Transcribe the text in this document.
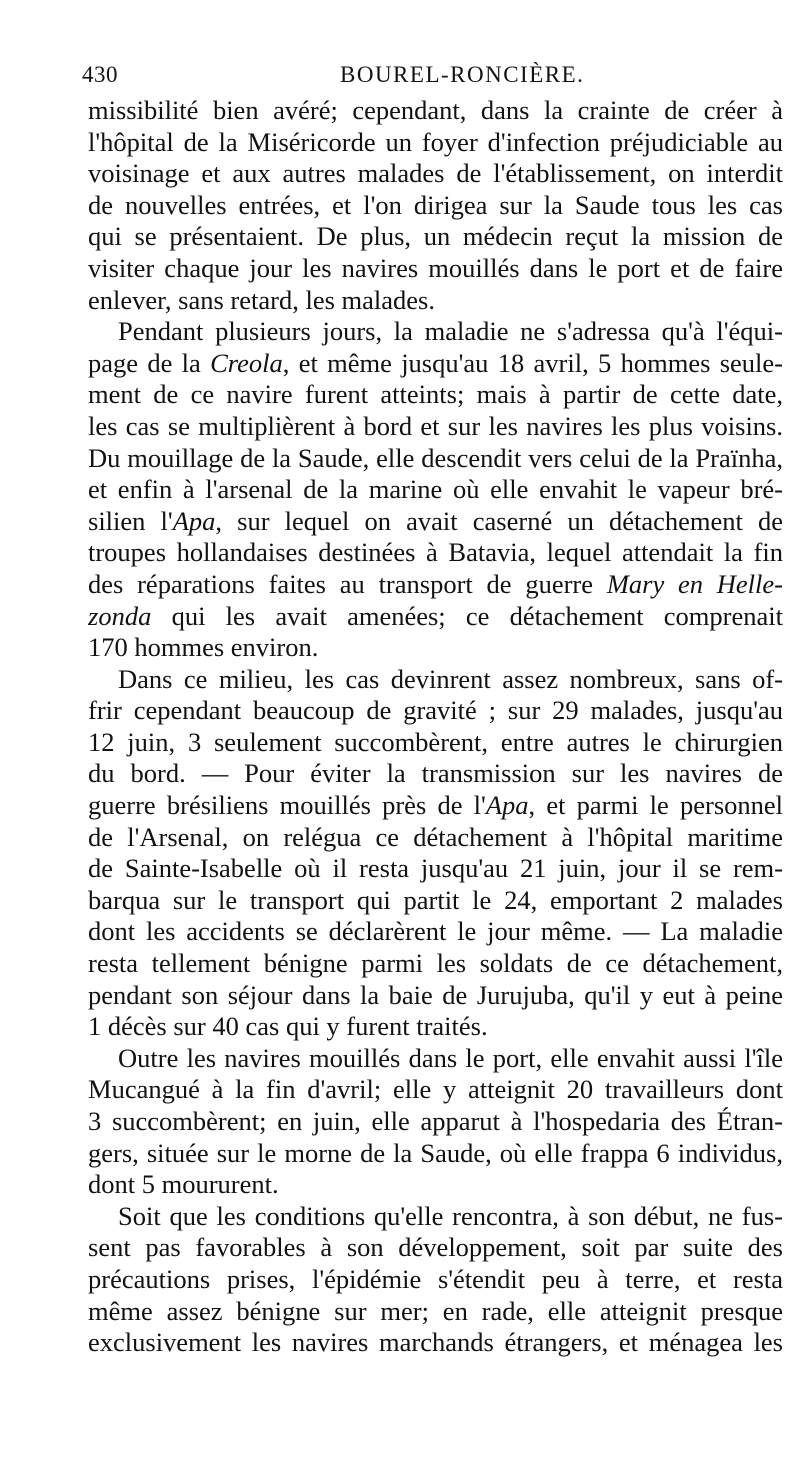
430	BOUREL-RONCIÈRE.
missibilité bien avéré; cependant, dans la crainte de créer à
l'hôpital de la Miséricorde un foyer d'infection préjudiciable au
voisinage et aux autres malades de l'établissement, on interdit
de nouvelles entrées, et l'on dirigea sur la Saude tous les cas
qui se présentaient. De plus, un médecin reçut la mission de
visiter chaque jour les navires mouillés dans le port et de faire
enlever, sans retard, les malades.
Pendant plusieurs jours, la maladie ne s'adressa qu'à l'équi-
page de la Creola, et même jusqu'au 18 avril, 5 hommes seule-
ment de ce navire furent atteints; mais à partir de cette date,
les cas se multiplièrent à bord et sur les navires les plus voisins.
Du mouillage de la Saude, elle descendit vers celui de la Praïnha,
et enfin à l'arsenal de la marine où elle envahit le vapeur bré-
silien l'Apa, sur lequel on avait caserné un détachement de
troupes hollandaises destinées à Batavia, lequel attendait la fin
des réparations faites au transport de guerre Mary en Helle-
zonda qui les avait amenées; ce détachement comprenait
170 hommes environ.
Dans ce milieu, les cas devinrent assez nombreux, sans of-
frir cependant beaucoup de gravité ; sur 29 malades, jusqu'au
12 juin, 3 seulement succombèrent, entre autres le chirurgien
du bord. — Pour éviter la transmission sur les navires de
guerre brésiliens mouillés près de l'Apa, et parmi le personnel
de l'Arsenal, on relégua ce détachement à l'hôpital maritime
de Sainte-Isabelle où il resta jusqu'au 21 juin, jour il se rem-
barqua sur le transport qui partit le 24, emportant 2 malades
dont les accidents se déclarèrent le jour même. — La maladie
resta tellement bénigne parmi les soldats de ce détachement,
pendant son séjour dans la baie de Jurujuba, qu'il y eut à peine
1 décès sur 40 cas qui y furent traités.
Outre les navires mouillés dans le port, elle envahit aussi l'île
Mucangué à la fin d'avril; elle y atteignit 20 travailleurs dont
3 succombèrent; en juin, elle apparut à l'hospedaria des Étran-
gers, située sur le morne de la Saude, où elle frappa 6 individus,
dont 5 moururent.
Soit que les conditions qu'elle rencontra, à son début, ne fus-
sent pas favorables à son développement, soit par suite des
précautions prises, l'épidémie s'étendit peu à terre, et resta
même assez bénigne sur mer; en rade, elle atteignit presque
exclusivement les navires marchands étrangers, et ménagea les
